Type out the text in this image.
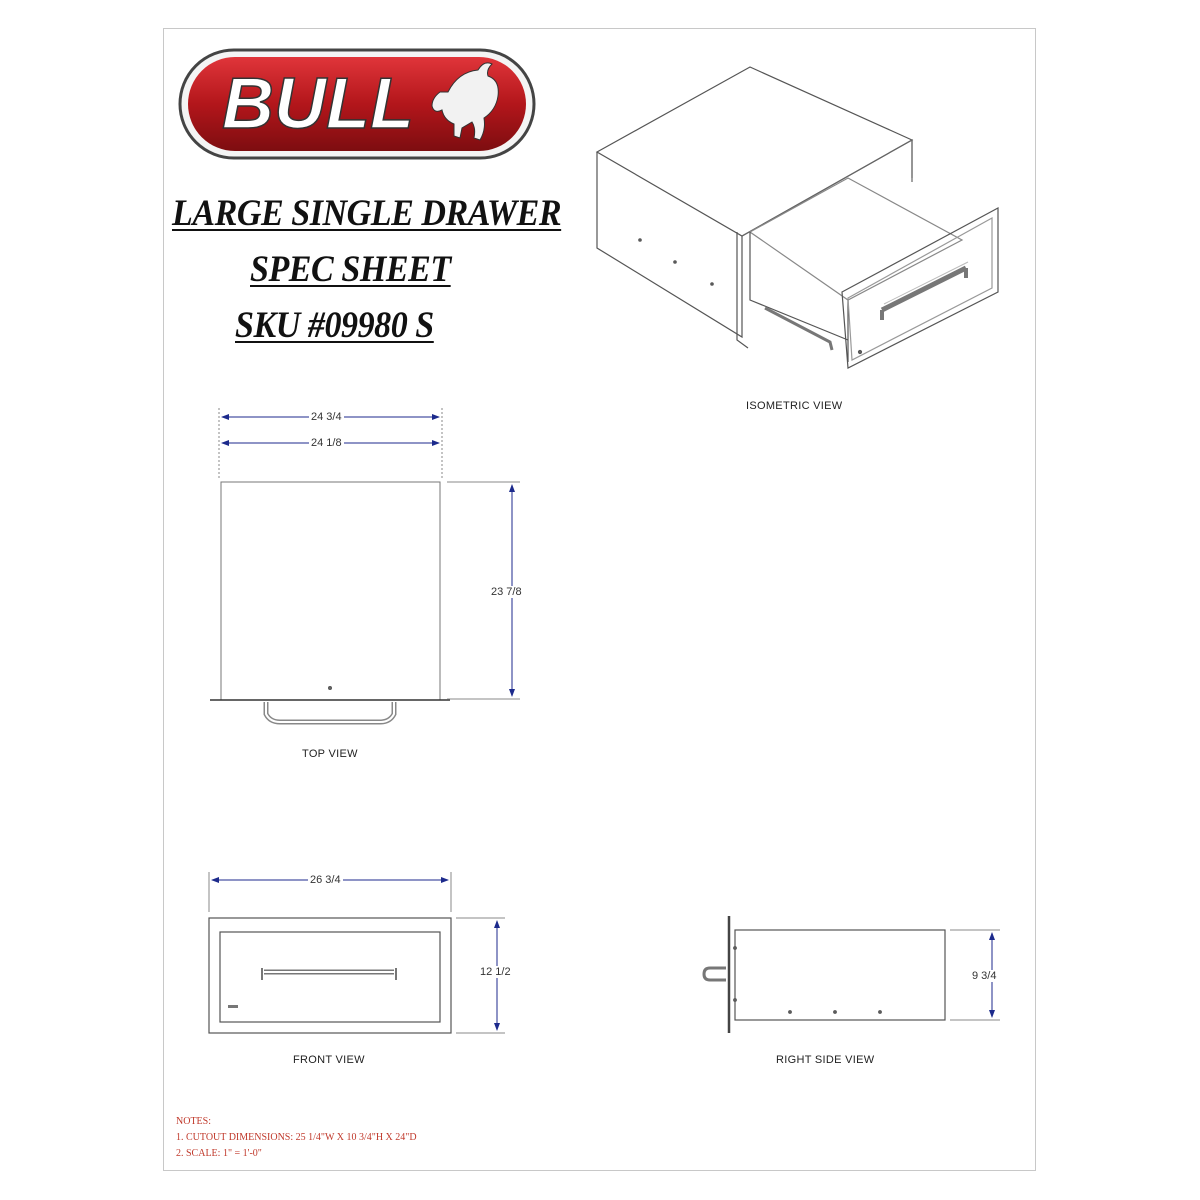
BULL
LARGE SINGLE DRAWER
SPEC SHEET
SKU #09980 S
ISOMETRIC VIEW
TOP VIEW
FRONT VIEW	RIGHT SIDE VIEW
24 3/4
24 1/8
23 7/8
26 3/4
12 1/2	9 3/4
NOTES:
1. CUTOUT DIMENSIONS: 25 1/4"W X 10 3/4"H X 24"D
2. SCALE: 1" = 1'-0"
